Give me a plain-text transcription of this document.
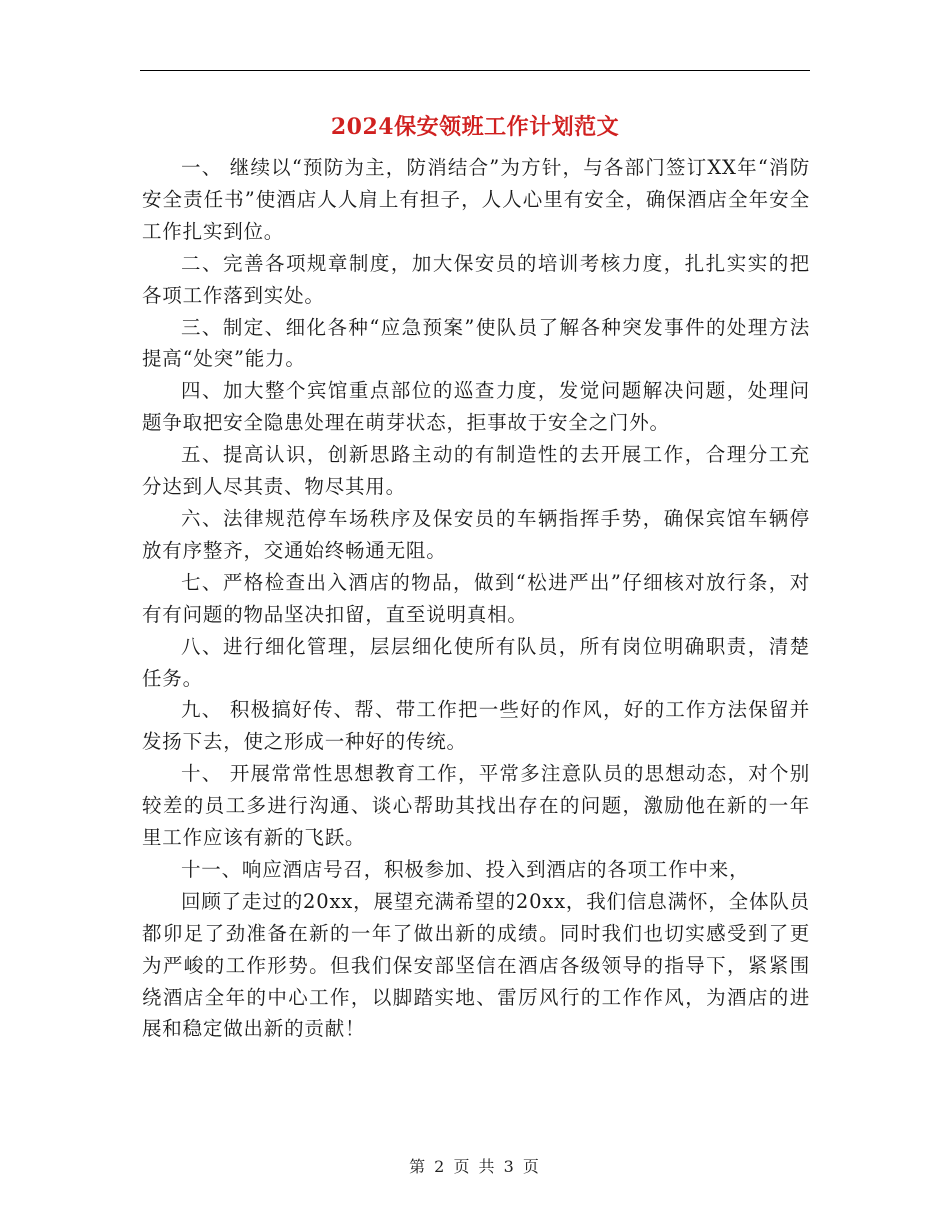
2024保安领班工作计划范文

一、 继续以“预防为主，防消结合”为方针，与各部门签订XX年“消防安全责任书”使酒店人人肩上有担子，人人心里有安全，确保酒店全年安全工作扎实到位。

二、完善各项规章制度，加大保安员的培训考核力度，扎扎实实的把各项工作落到实处。

三、制定、细化各种“应急预案”使队员了解各种突发事件的处理方法提高“处突”能力。

四、加大整个宾馆重点部位的巡查力度，发觉问题解决问题，处理问题争取把安全隐患处理在萌芽状态，拒事故于安全之门外。

五、提高认识，创新思路主动的有制造性的去开展工作，合理分工充分达到人尽其责、物尽其用。

六、法律规范停车场秩序及保安员的车辆指挥手势，确保宾馆车辆停放有序整齐，交通始终畅通无阻。

七、严格检查出入酒店的物品，做到“松进严出”仔细核对放行条，对有有问题的物品坚决扣留，直至说明真相。

八、进行细化管理，层层细化使所有队员，所有岗位明确职责，清楚任务。

九、 积极搞好传、帮、带工作把一些好的作风，好的工作方法保留并发扬下去，使之形成一种好的传统。

十、 开展常常性思想教育工作，平常多注意队员的思想动态，对个别较差的员工多进行沟通、谈心帮助其找出存在的问题，激励他在新的一年里工作应该有新的飞跃。

十一、响应酒店号召，积极参加、投入到酒店的各项工作中来，

回顾了走过的20xx，展望充满希望的20xx，我们信息满怀，全体队员都卯足了劲准备在新的一年了做出新的成绩。同时我们也切实感受到了更为严峻的工作形势。但我们保安部坚信在酒店各级领导的指导下，紧紧围绕酒店全年的中心工作，以脚踏实地、雷厉风行的工作作风，为酒店的进展和稳定做出新的贡献！

第 2 页 共 3 页
